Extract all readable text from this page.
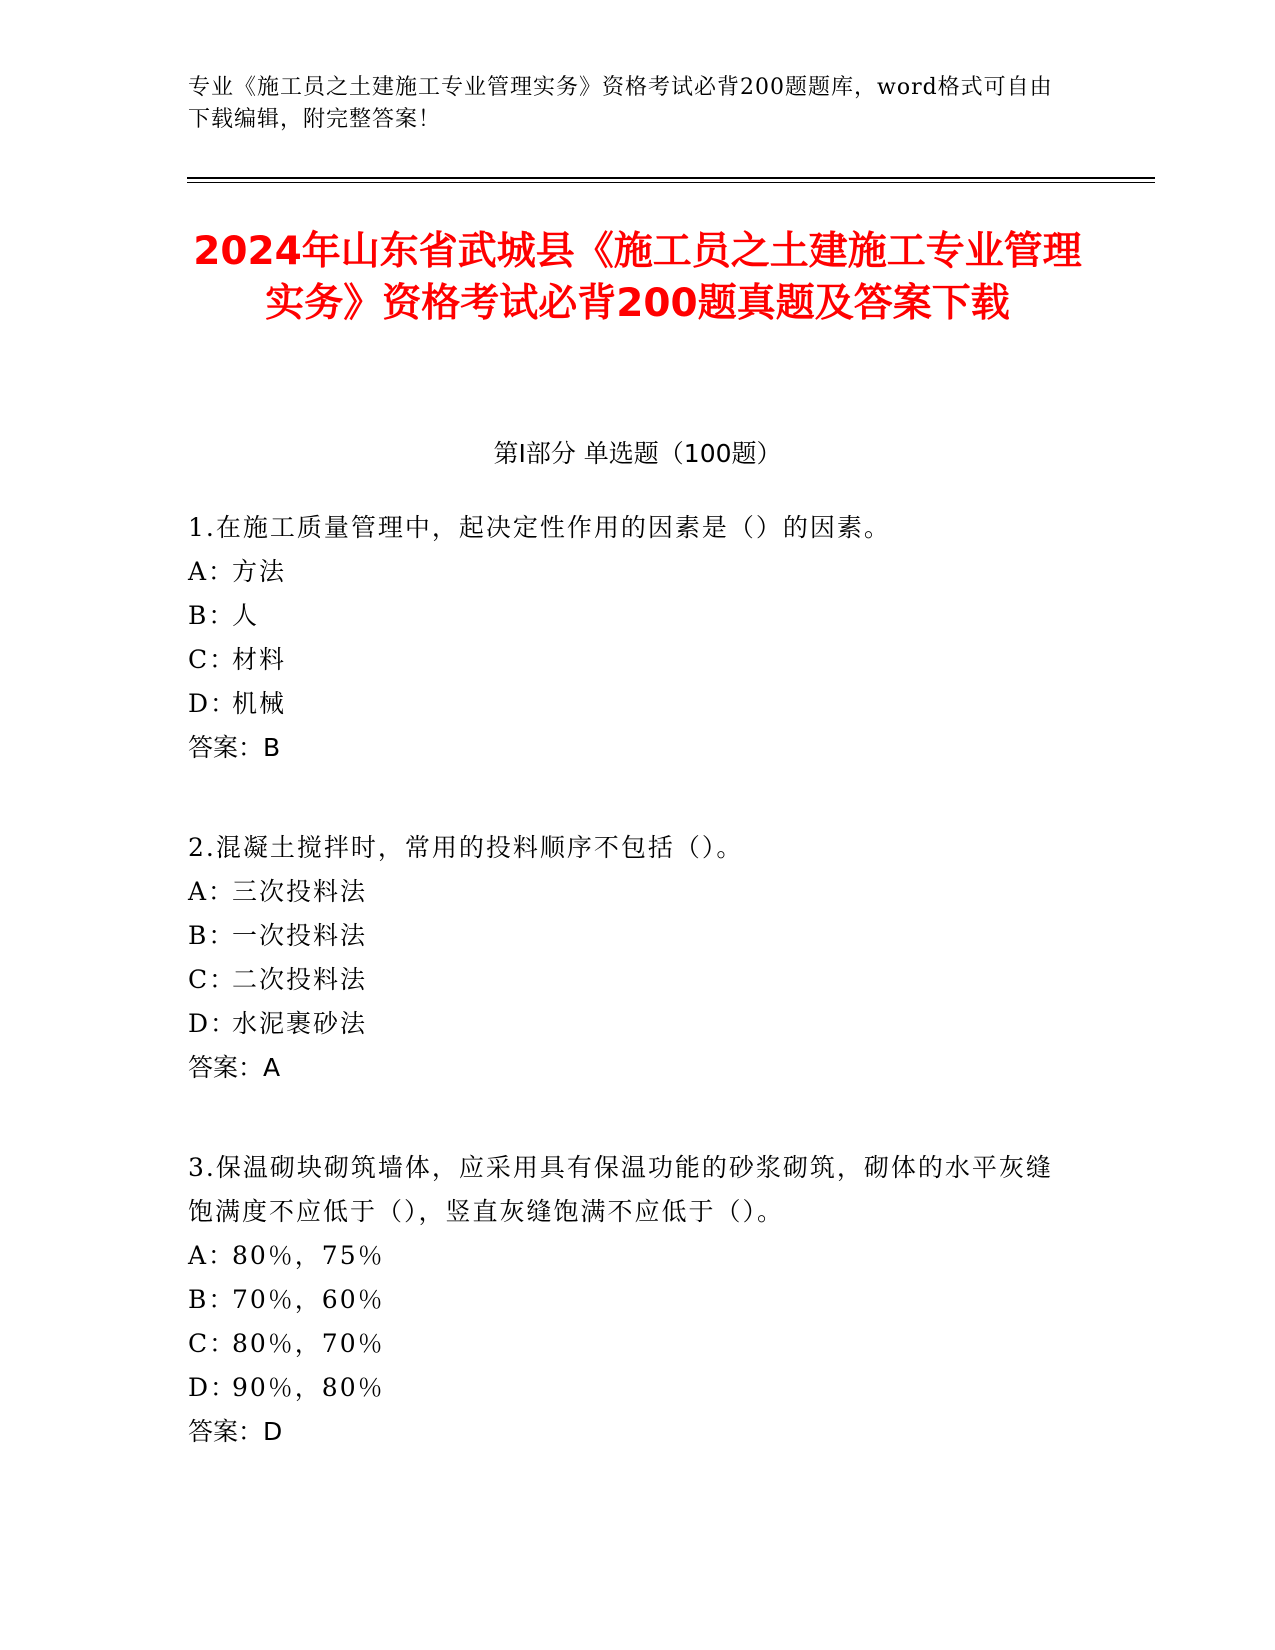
专业《施工员之土建施工专业管理实务》资格考试必背200题题库，word格式可自由下载编辑，附完整答案！
2024年山东省武城县《施工员之土建施工专业管理实务》资格考试必背200题真题及答案下载
第Ⅰ部分 单选题（100题）
1.在施工质量管理中，起决定性作用的因素是（）的因素。
A：方法
B：人
C：材料
D：机械
答案：B
2.混凝土搅拌时，常用的投料顺序不包括（）。
A：三次投料法
B：一次投料法
C：二次投料法
D：水泥裹砂法
答案：A
3.保温砌块砌筑墙体，应采用具有保温功能的砂浆砌筑，砌体的水平灰缝饱满度不应低于（），竖直灰缝饱满不应低于（）。
A：80％，75％
B：70％，60％
C：80％，70％
D：90％，80％
答案：D
